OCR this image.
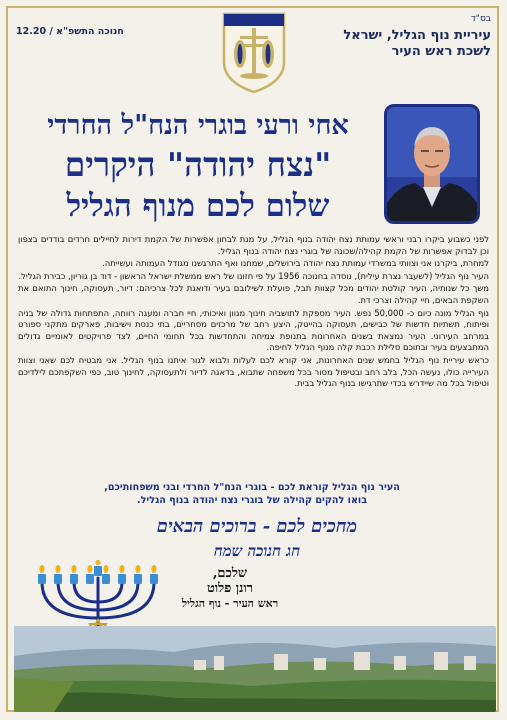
בס"ד
עיריית נוף הגליל, ישראל
לשכת ראש העיר
חנוכה התשפ"א / 12.20
אחי ורעי בוגרי הנח"ל החרדי
"נצח יהודה" היקרים
שלום לכם מנוף הגליל

לפני כשבוע ביקרו רבני וראשי עמותת נצח יהודה בנוף הגליל, על מנת לבחון אפשרות של הקמת דירות לחיילים חרדים בודדים בצפון וכן לבדוק אפשרות של הקמת קהילה/שכונה של בוגרי נצח יהודה בנוף הגליל.

למחרת, ביקרנו אני וצוותי במשרדי עמותת נצח יהודה בירושלים, שמחנו ואף התרגשנו מגודל העמותה ועשייתה.

העיר נוף הגליל (לשעבר נצרת עילית), נוסדה בחנוכה 1956 על פי חזונו של ראש ממשלת ישראל הראשון - דוד בן גוריון, כבירת הגליל.

משך כל שנותיה, העיר קולטת יהודים מכל קצוות תבל, פועלת לשילובם בעיר ודואגת לכל צרכיהם: דיור, תעסוקה, חינוך התואם את השקפת הבאים, חיי קהילה וצרכי דת.

נוף הגליל מונה כיום כ- 50,000 נפש. העיר מספקת לתושביה חינוך מגוון ואיכותי, חיי חברה ומעגה רווחה, התפתחות גדולה של בניה ופיתוח, תשתיות חדשות של כבישים, תעסוקה בהייטק, היצע רחב של מרכזים מסחריים, בתי כנסת וישיבות, פארקים מתקני ספורט במרחב העירוני. העיר נמצאת בשנים האחרונות בתנופת צמיחה והתחדשות בכל תחומי החיים, לצד פרויקטים לאומיים גדולים המתבצעים בעיר ובתוכם סלילת רכבת קלה מנוף הגליל לחיפה.

כראש עיריית נוף הגליל בחמש שנים האחרונות, אני קורא לכם לעלות ולבוא לגור איתנו בנוף הגליל. אני מבטיח לכם שאני וצוות העירייה כולו, נעשה הכל, בלב רחב ובטיפול מסור בכל משפחה שתבוא, בדאגה לדיור ולתעסוקה, לחינוך טוב, כפי השקפתכם לילדיכם וטיפול בכל מה שיידרש בכדי שתרגישו בנוף הגליל בבית.

העיר נוף הגליל קוראת לכם - בוגרי הנח"ל החרדי ובני משפחותיכם,
בואו להקים קהילה של בוגרי נצח יהודה בנוף הגליל.
מחכים לכם - ברוכים הבאים
חג חנוכה שמח
שלכם,
רונן פלוט
ראש העיר - נוף הגליל
